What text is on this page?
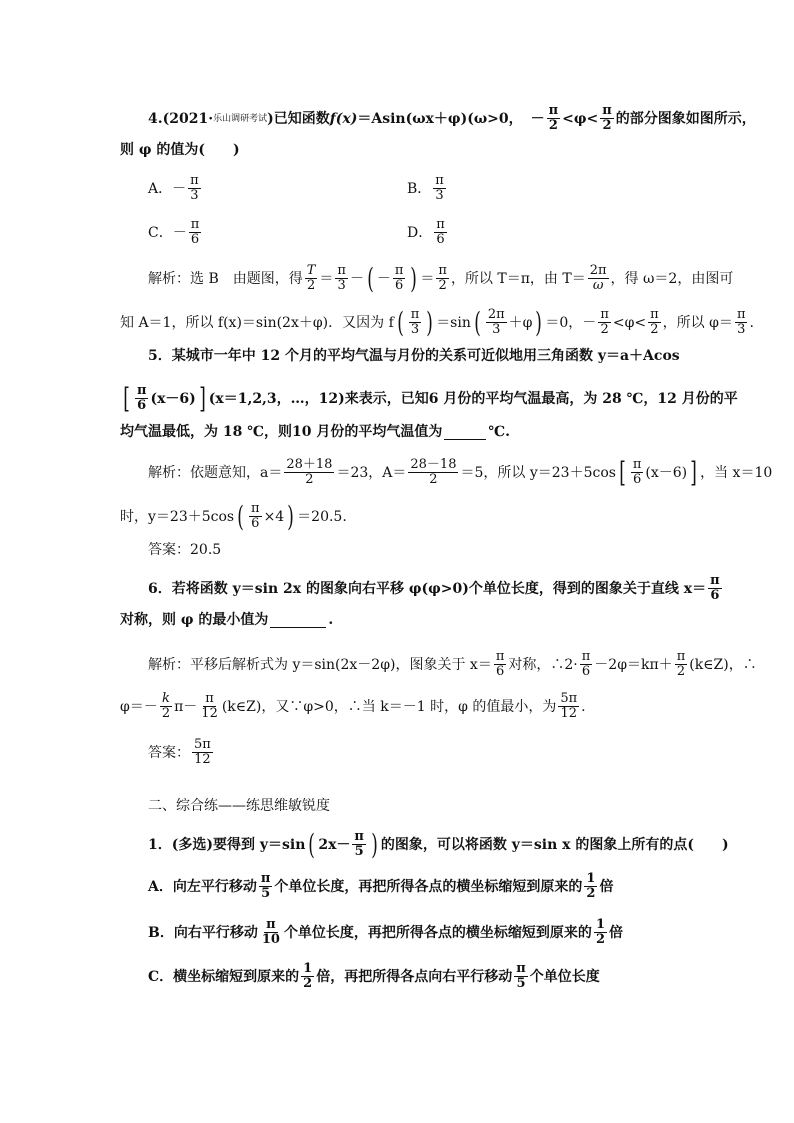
4. (2021· 乐山调研考试 ) 已知函数 f(x) ＝Asin(ωx＋φ)(ω>0， － $\frac{\pi}{2} <\varphi< \frac{\pi}{2}$ 的部分图象如图所示，
则 φ 的值为(　　)
A．－ $\frac{\pi}{3}$	B． $\frac{\pi}{3}$
C．－ $\frac{\pi}{6}$	D． $\frac{\pi}{6}$
解析：选 B　由题图，得 $\frac{T}{2} = \frac{\pi}{3}$ － ( － $\frac{\pi}{6}$ ) ＝ $\frac{\pi}{2}$ ，所以 T＝π，由 $T= \frac{2\pi}{\omega}$ ，得 ω＝2，由图可
知 A＝1，所以 f(x)＝sin(2x＋φ)．又因为 f ( $\frac{\pi}{3}$ ) ＝sin ( $\frac{2\pi}{3} +\varphi$ ) ＝0，－ $\frac{\pi}{2} <\varphi< \frac{\pi}{2}$ ，所以 $\varphi= \frac{\pi}{3}$ .
5． 某城市一年中 12 个月的平均气温与月份的关系可近似地用三角函数 y＝a＋Acos
[ $\frac{\pi}{6} (x-6)$ ] (x＝1,2,3，…，12)来表示，已知6 月份的平均气温最高，为 28 ℃，12 月份的平
均气温最低，为 18 ℃，则10 月份的平均气温值为	℃.
解析：依题意知，$a= \frac{28+18}{2} =23$，$A= \frac{28-18}{2} =5$，所以 y＝23＋5cos [ $\frac{\pi}{6} (x-6)$ ] ，当 x＝10
时，y＝23＋5cos ( $\frac{\pi}{6} \times 4$ ) ＝20.5.
答案：20.5
6． 若将函数 y＝sin 2x 的图象向右平移 φ(φ>0)个单位长度，得到的图象关于直线 $x= \frac{\pi}{6}$
对称，则 φ 的最小值为	.
解析：平移后解析式为 y＝sin(2x－2φ)，图象关于 $x= \frac{\pi}{6}$ 对称，∴2· $\frac{\pi}{6} -2\varphi=k\pi+ \frac{\pi}{2}$ (k∈Z)，∴
$\varphi=- \frac{k}{2} \pi- \frac{\pi}{12}$ (k∈Z)，又∵φ>0，∴当 k＝－1 时，φ 的值最小，为 $\frac{5\pi}{12}$ .
答案： $\frac{5\pi}{12}$
二、综合练——练思维敏锐度
1．(多选)要得到 y＝sin ( $2x- \frac{\pi}{5}$ ) 的图象，可以将函数 y＝sin x 的图象上所有的点(　　)
A．向左平行移动 $\frac{\pi}{5}$ 个单位长度，再把所得各点的横坐标缩短到原来的 $\frac{1}{2}$ 倍
B．向右平行移动 $\frac{\pi}{10}$ 个单位长度，再把所得各点的横坐标缩短到原来的 $\frac{1}{2}$ 倍
C．横坐标缩短到原来的 $\frac{1}{2}$ 倍，再把所得各点向右平行移动 $\frac{\pi}{5}$ 个单位长度
